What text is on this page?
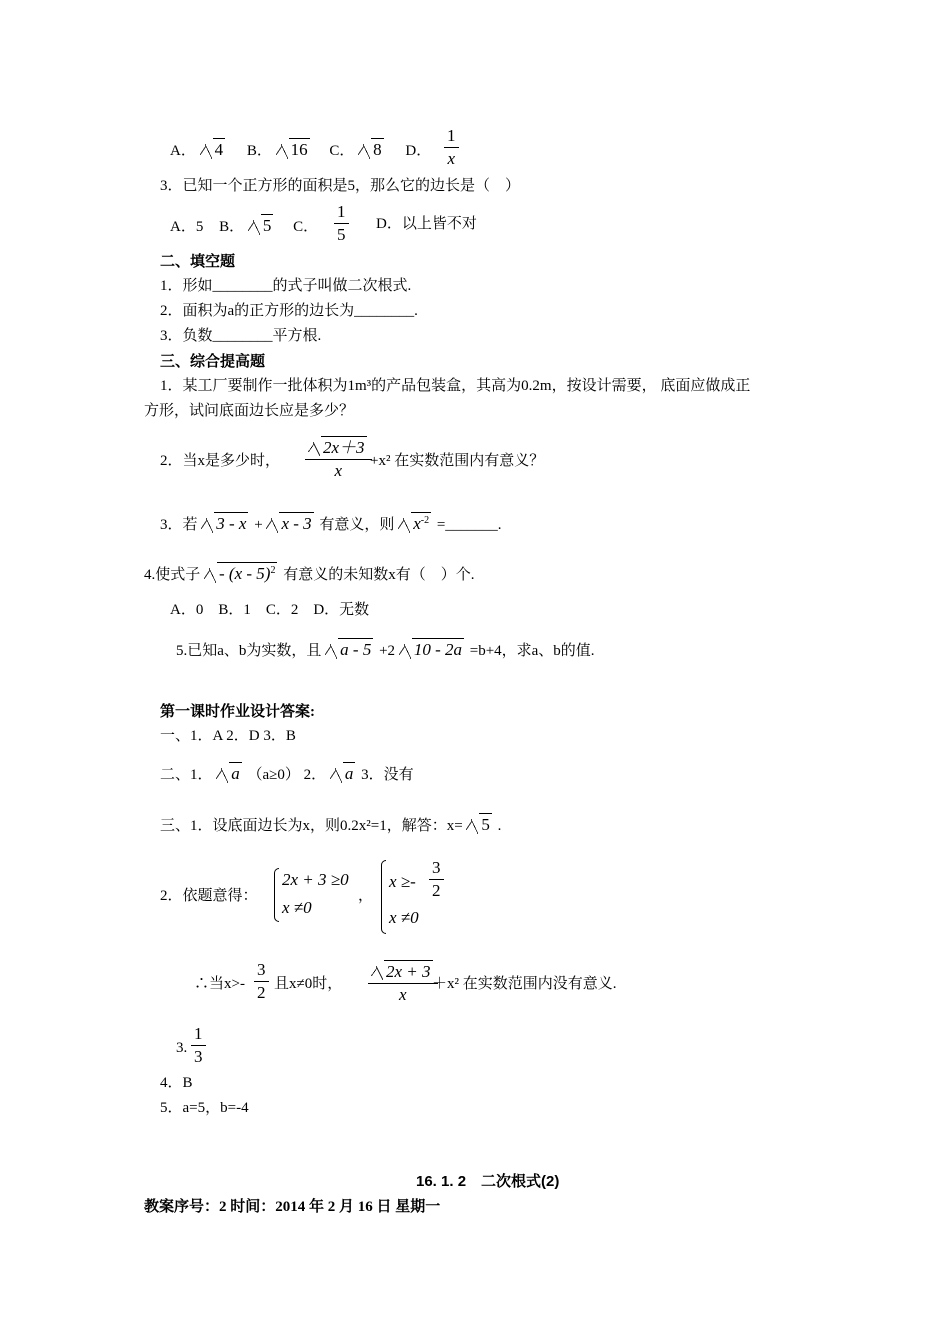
A． 4 B． 16 C． 8 D． $\frac{1}{x}$
3．已知一个正方形的面积是5，那么它的边长是（　）
A．5 B． 5 C． $\frac{1}{5}$ D．以上皆不对
二、填空题
1．形如________的式子叫做二次根式.
2．面积为a的正方形的边长为________.
3．负数________平方根.
三、综合提高题
1．某工厂要制作一批体积为1m³的产品包装盒，其高为0.2m，按设计需要， 底面应做成正
方形，试问底面边长应是多少？
2．当x是多少时， $\frac{2x+3}{x}$
+x² 在实数范围内有意义？
3．若 3 - x + x - 3 有意义，则 $x^{-2}$ =_______.
4.使式子 - (x - 5)$^2$ 有意义的未知数x有（　）个.
A．0　B．1　C．2　D．无数
5.已知a、b为实数，且 a - 5 +2 10 - 2a =b+4，求a、b的值.
第一课时作业设计答案:
一、1．A 2．D 3．B
二、1． a （a≥0） 2． a 3．没有
三、1．设底面边长为x，则0.2x²=1，解答：x= 5 .
2．依题意得：
2x + 3 ≥0
x ≠0
，
$x \ge- \frac{3}{2}$
x ≠0
∴当$x>- \frac{3}{2}$ 且x≠0时， $\frac{2x + 3}{x}$
＋x² 在实数范围内没有意义.
3. $\frac{1}{3}$
4．B
5．a=5，b=-4
16. 1. 2　二次根式(2)
教案序号：2 时间：2014 年 2 月 16 日 星期一
